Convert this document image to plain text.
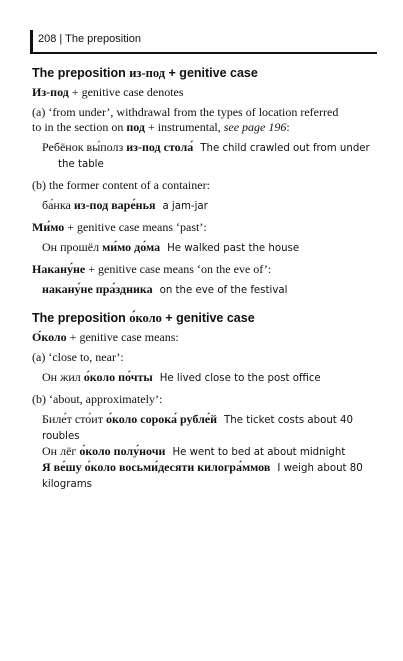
208 | The preposition
The preposition из-под + genitive case
Из-под + genitive case denotes
(a) ‘from under’, withdrawal from the types of location referred
to in the section on под + instrumental, see page 196:
Ребёнок вы́полз из-под стола́ The child crawled out from under
the table
(b) the former content of a container:
ба́нка из-под варе́нья a jam-jar
Ми́мо + genitive case means ‘past’:
Он прошёл ми́мо до́ма He walked past the house
Накану́не + genitive case means ‘on the eve of’:
накану́не пра́здника on the eve of the festival
The preposition о́коло + genitive case
О́коло + genitive case means:
(a) ‘close to, near’:
Он жил о́коло по́чты He lived close to the post office
(b) ‘about, approximately’:
Биле́т сто́ит о́коло сорока́ рубле́й The ticket costs about 40
roubles
Он лёг о́коло полу́ночи He went to bed at about midnight
Я ве́шу о́коло восьми́десяти килогра́ммов I weigh about 80
kilograms
